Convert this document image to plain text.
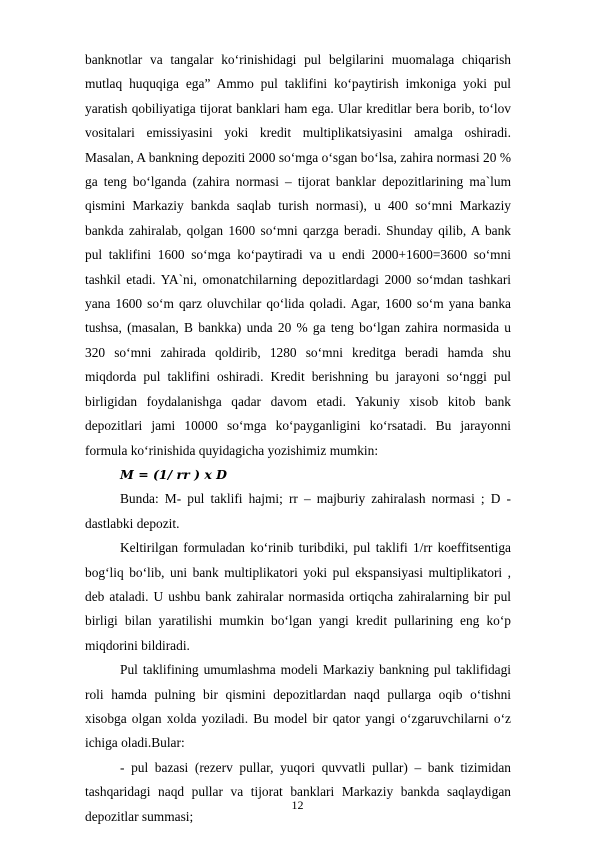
banknotlar va tangalar ko‘rinishidagi pul belgilarini muomalaga chiqarish mutlaq huquqiga ega” Ammo pul taklifini ko‘paytirish imkoniga yoki pul yaratish qobiliyatiga tijorat banklari ham ega. Ular kreditlar bera borib, to‘lov vositalari emissiyasini yoki kredit multiplikatsiyasini amalga oshiradi. Masalan, A bankning depoziti 2000 so‘mga o‘sgan bo‘lsa, zahira normasi 20 % ga teng bo‘lganda (zahira normasi – tijorat banklar depozitlarining ma`lum qismini Markaziy bankda saqlab turish normasi), u 400 so‘mni Markaziy bankda zahiralab, qolgan 1600 so‘mni qarzga beradi. Shunday qilib, A bank pul taklifini 1600 so‘mga ko‘paytiradi va u endi 2000+1600=3600 so‘mni tashkil etadi. YA`ni, omonatchilarning depozitlardagi 2000 so‘mdan tashkari yana 1600 so‘m qarz oluvchilar qo‘lida qoladi. Agar, 1600 so‘m yana banka tushsa, (masalan, B bankka) unda 20 % ga teng bo‘lgan zahira normasida u 320 so‘mni zahirada qoldirib, 1280 so‘mni kreditga beradi hamda shu miqdorda pul taklifini oshiradi. Kredit berishning bu jarayoni so‘nggi pul birligidan foydalanishga qadar davom etadi. Yakuniy xisob kitob bank depozitlari jami 10000 so‘mga ko‘payganligini ko‘rsatadi. Bu jarayonni formula ko‘rinishida quyidagicha yozishimiz mumkin:

M = (1/ rr ) x D

Bunda: M- pul taklifi hajmi; rr – majburiy zahiralash normasi ; D - dastlabki depozit.

Keltirilgan formuladan ko‘rinib turibdiki, pul taklifi 1/rr koeffitsentiga bog‘liq bo‘lib, uni bank multiplikatori yoki pul ekspansiyasi multiplikatori , deb ataladi. U ushbu bank zahiralar normasida ortiqcha zahiralarning bir pul birligi bilan yaratilishi mumkin bo‘lgan yangi kredit pullarining eng ko‘p miqdorini bildiradi.

Pul taklifining umumlashma modeli Markaziy bankning pul taklifidagi roli hamda pulning bir qismini depozitlardan naqd pullarga oqib o‘tishni xisobga olgan xolda yoziladi. Bu model bir qator yangi o‘zgaruvchilarni o‘z ichiga oladi.Bular:

- pul bazasi (rezerv pullar, yuqori quvvatli pullar) – bank tizimidan tashqaridagi naqd pullar va tijorat banklari Markaziy bankda saqlaydigan depozitlar summasi;

12
